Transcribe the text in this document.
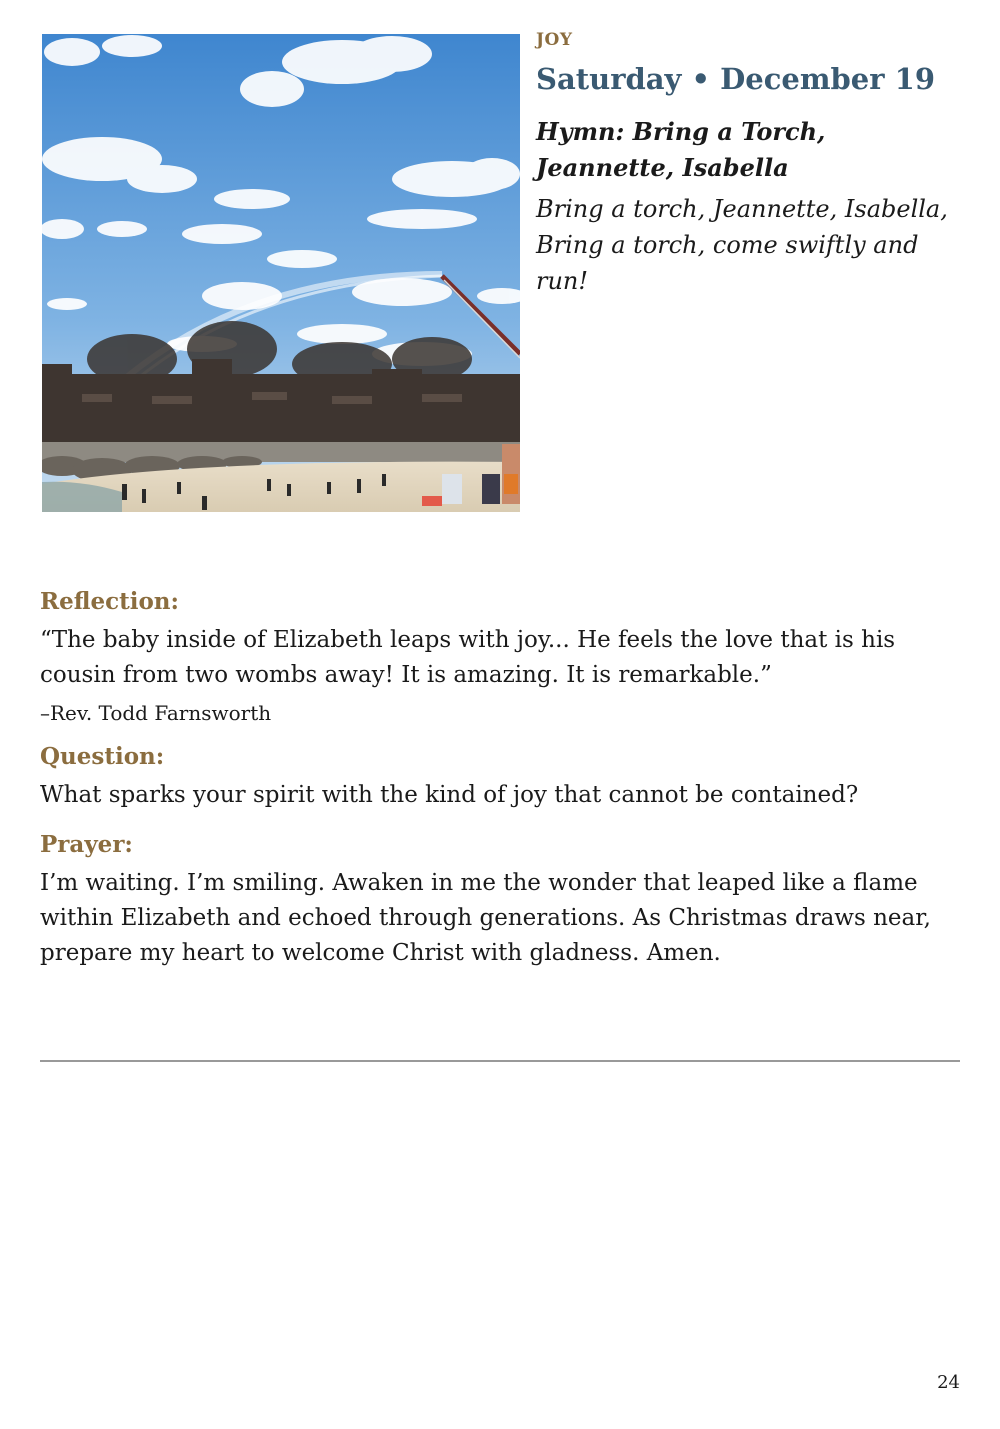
JOY

Saturday • December 19

Hymn: Bring a Torch, Jeannette, Isabella

Bring a torch, Jeannette, Isabella,
Bring a torch, come swiftly and run!

Reflection:

“The baby inside of Elizabeth leaps with joy... He feels the love that is his cousin from two wombs away! It is amazing. It is remarkable.”

–Rev. Todd Farnsworth

Question:

What sparks your spirit with the kind of joy that cannot be contained?

Prayer:

I’m waiting. I’m smiling. Awaken in me the wonder that leaped like a flame within Elizabeth and echoed through generations. As Christmas draws near, prepare my heart to welcome Christ with gladness. Amen.

24
